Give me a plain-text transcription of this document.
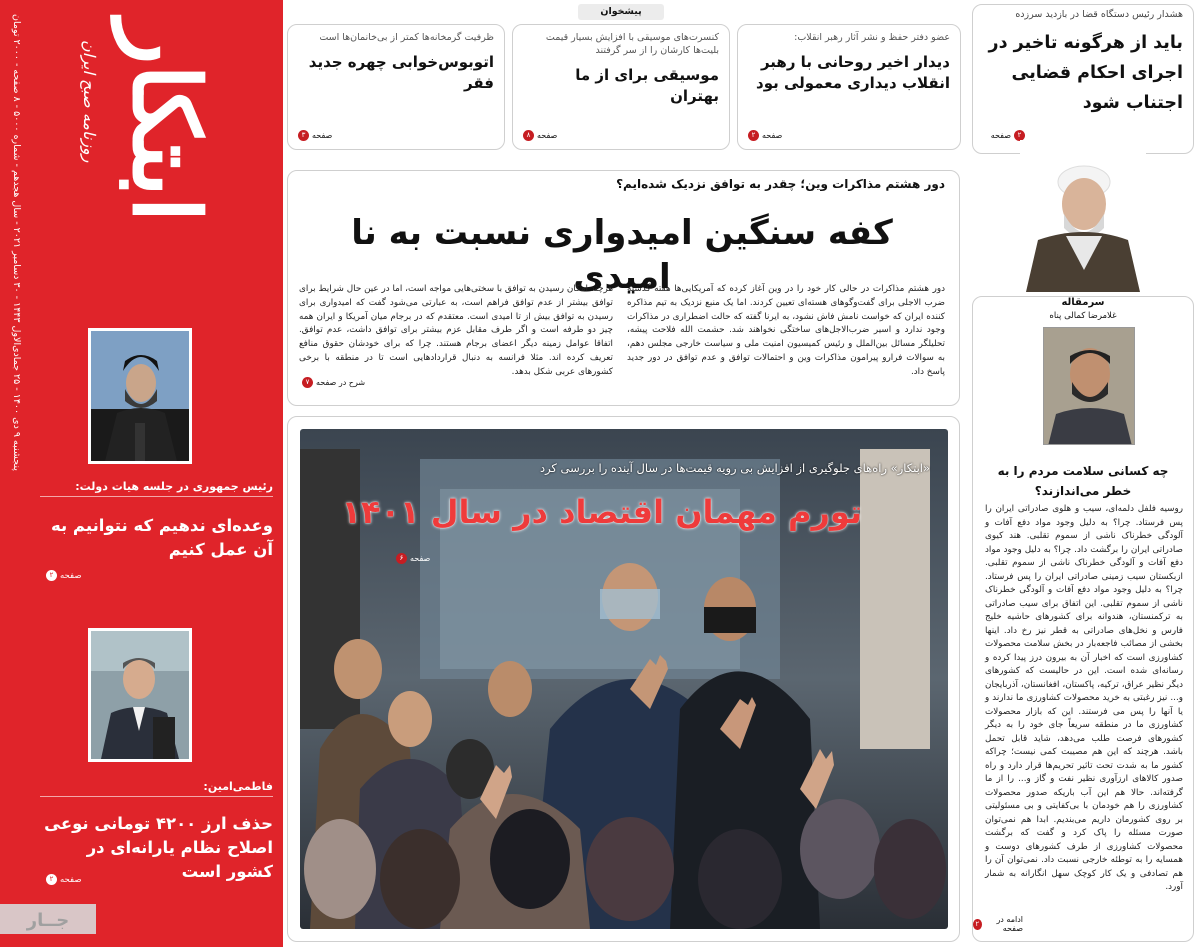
پنجشنبه ۹ دی ۱۴۰۰ - ۲۵ جمادی‌الاول ۱۴۴۳ - ۳۰ دسامبر ۲۰۲۱ - سال هجدهم - شماره ۵۰۰۰ - ۸ صفحه - ۲۰۰۰ تومان
روزنامه صبح ایران ابتکار
رئیس جمهوری در جلسه هیات دولت:
وعده‌ای ندهیم که نتوانیم به آن عمل کنیم
صفحه
۲
فاطمی‌امین:
حذف ارز ۴۲۰۰ تومانی نوعی اصلاح نظام یارانه‌ای در کشور است
صفحه
۲
جــار
پیشخوان
ظرفیت گرمخانه‌ها کمتر از بی‌خانمان‌ها است
اتوبوس‌خوابی چهره جدید فقر
صفحه
۳
کنسرت‌های موسیقی با افزایش بسیار قیمت بلیت‌ها کارشان را از سر گرفتند
موسیقی برای از ما بهتران
صفحه
۸
عضو دفتر حفظ و نشر آثار رهبر انقلاب:
دیدار اخیر روحانی با رهبر انقلاب دیداری معمولی بود
صفحه
۲
دور هشتم مذاکرات وین؛ چقدر به توافق نزدیک شده‌ایم؟
کفه سنگین امیدواری نسبت به نا امیدی
دور هشتم مذاکرات در حالی کار خود را در وین آغاز کرده که آمریکایی‌ها هفته گذشته ضرب الاجلی برای گفت‌وگوهای هسته‌ای تعیین کردند. اما یک منبع نزدیک به تیم مذاکره کننده ایران که خواست نامش فاش نشود، به ایرنا گفته که حالت اضطراری در مذاکرات وجود ندارد و اسیر ضرب‌الاجل‌های ساختگی نخواهند شد. حشمت الله فلاحت پیشه، تحلیلگر مسائل بین‌الملل و رئیس کمیسیون امنیت ملی و سیاست خارجی مجلس دهم، به سوالات فرارو پیرامون مذاکرات وین و احتمالات توافق و عدم توافق در دور جدید پاسخ داد.
هرچند امکان رسیدن به توافق با سختی‌هایی مواجه است، اما در عین حال شرایط برای توافق بیشتر از عدم توافق فراهم است، به عبارتی می‌شود گفت که امیدواری برای رسیدن به توافق بیش از تا امیدی است. معتقدم که در برجام میان آمریکا و ایران همه چیز دو طرفه است و اگر طرف مقابل عزم بیشتر برای توافق داشت، عدم توافق. اتفاقا عوامل زمینه دیگر اعضای برجام هستند. چرا که برای خودشان حقوق منافع تعریف کرده اند. مثلا فرانسه به دنبال قراردادهایی است تا در منطقه با برخی کشورهای عربی شکل بدهد.
شرح در صفحه
۷
«ابتکار» راه‌های جلوگیری از افزایش بی رویه قیمت‌ها در سال آینده را بررسی کرد
تورم مهمان اقتصاد در سال ۱۴۰۱
صفحه
۶
هشدار رئیس دستگاه قضا در بازدید سرزده
باید از هرگونه تاخیر در اجرای احکام قضایی اجتناب شود
صفحه ۲
سرمقاله
غلامرضا کمالی پناه
چه کسانی سلامت مردم را به خطر می‌اندازند؟
روسیه فلفل دلمه‌ای، سیب و هلوی صادراتی ایران را پس فرستاد. چرا؟ به دلیل وجود مواد دفع آفات و آلودگی خطرناک ناشی از سموم تقلبی. هند کیوی صادراتی ایران را برگشت داد. چرا؟ به دلیل وجود مواد دفع آفات و آلودگی خطرناک ناشی از سموم تقلبی. ازبکستان سیب زمینی صادراتی ایران را پس فرستاد. چرا؟ به دلیل وجود مواد دفع آفات و آلودگی خطرناک ناشی از سموم تقلبی. این اتفاق برای سیب صادراتی به ترکمنستان، هندوانه برای کشورهای حاشیه خلیج فارس و نخل‌های صادراتی به قطر نیز رخ داد. اینها بخشی از مصائب فاجعه‌بار در بخش سلامت محصولات کشاورزی است که اخبار آن به بیرون درز پیدا کرده و رسانه‌ای شده است. این در حالیست که کشورهای دیگر نظیر عراق، ترکیه، پاکستان، افغانستان، آذربایجان و... نیز رغبتی به خرید محصولات کشاورزی ما ندارند و یا آنها را پس می فرستند. این که بازار محصولات کشاورزی ما در منطقه سریعاً جای خود را به دیگر کشورهای فرصت طلب می‌دهد، شاید قابل تحمل باشد. هرچند که این هم مصیبت کمی نیست؛ چراکه کشور ما به شدت تحت تاثیر تحریم‌ها قرار دارد و راه صدور کالاهای ارزآوری نظیر نفت و گاز و... را از ما گرفته‌اند. حالا هم این آب باریکه صدور محصولات کشاورزی را هم خودمان با بی‌کفایتی و بی مسئولیتی بر روی کشورمان داریم می‌بندیم. ابدا هم نمی‌توان صورت مسئله را پاک کرد و گفت که برگشت محصولات کشاورزی از طرف کشورهای دوست و همسایه را به توطئه خارجی نسبت داد. نمی‌توان آن را هم تصادفی و یک کار کوچک سهل انگارانه به شمار آورد.
ادامه در صفحه
۲
